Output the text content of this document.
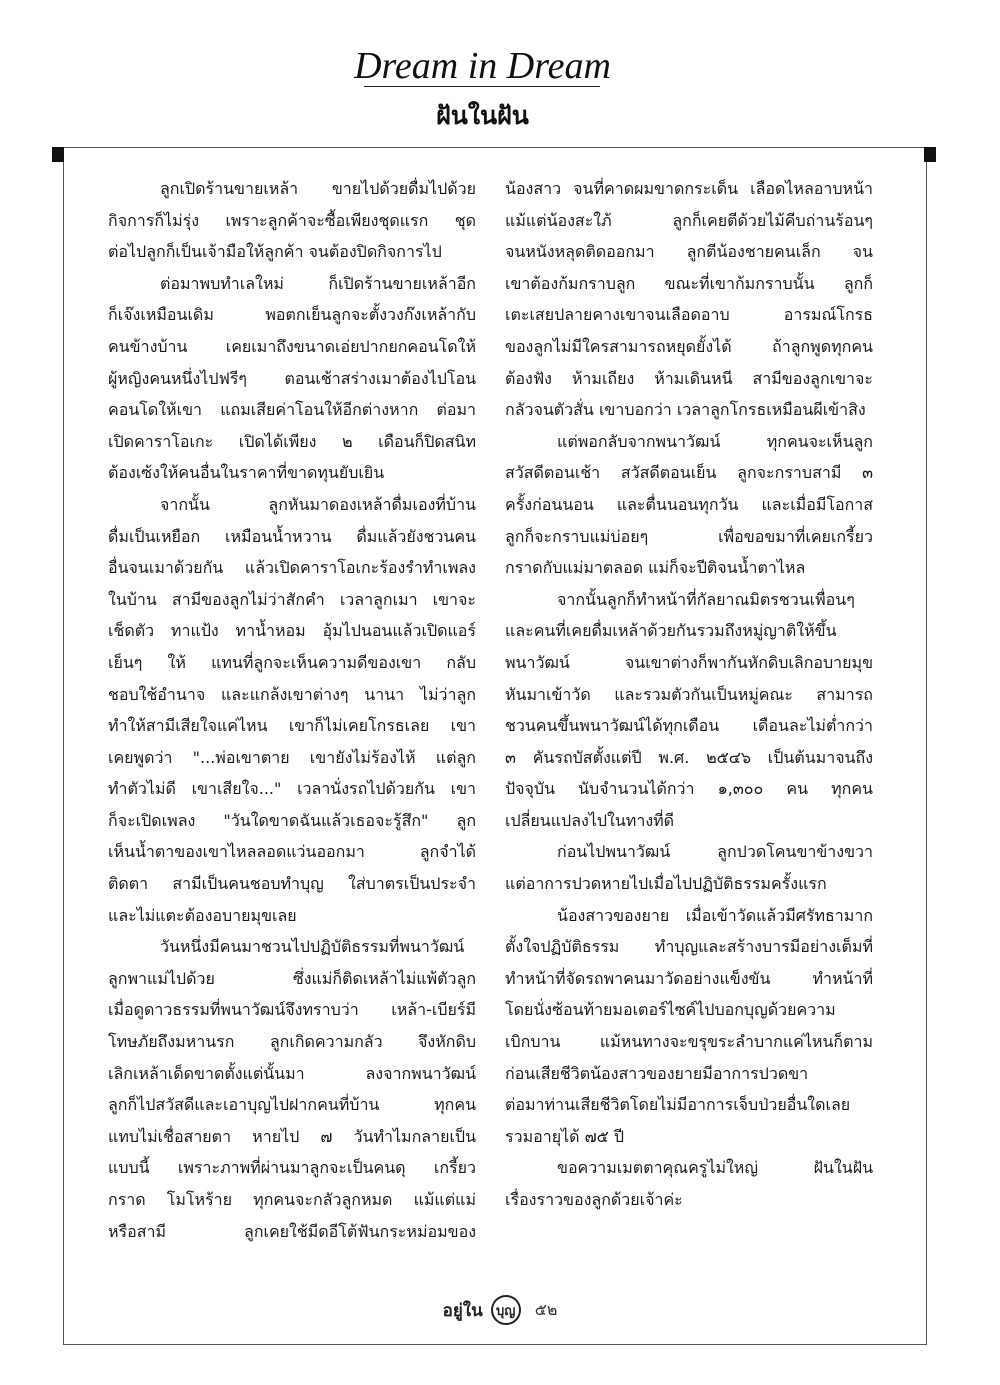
Dream in Dream
ฝันในฝัน
ลูกเปิดร้านขายเหล้า ขายไปด้วยดื่มไปด้วย
กิจการก็ไม่รุ่ง เพราะลูกค้าจะซื้อเพียงชุดแรก ชุด
ต่อไปลูกก็เป็นเจ้ามือให้ลูกค้า จนต้องปิดกิจการไป
ต่อมาพบทำเลใหม่ ก็เปิดร้านขายเหล้าอีก
ก็เจ๊งเหมือนเดิม พอตกเย็นลูกจะตั้งวงก๊งเหล้ากับ
คนข้างบ้าน เคยเมาถึงขนาดเอ่ยปากยกคอนโดให้
ผู้หญิงคนหนึ่งไปฟรีๆ ตอนเช้าสร่างเมาต้องไปโอน
คอนโดให้เขา แถมเสียค่าโอนให้อีกต่างหาก ต่อมา
เปิดคาราโอเกะ เปิดได้เพียง ๒ เดือนก็ปิดสนิท
ต้องเซ้งให้คนอื่นในราคาที่ขาดทุนยับเยิน
จากนั้น ลูกหันมาดองเหล้าดื่มเองที่บ้าน
ดื่มเป็นเหยือก เหมือนน้ำหวาน ดื่มแล้วยังชวนคน
อื่นจนเมาด้วยกัน แล้วเปิดคาราโอเกะร้องรำทำเพลง
ในบ้าน สามีของลูกไม่ว่าสักคำ เวลาลูกเมา เขาจะ
เช็ดตัว ทาแป้ง ทาน้ำหอม อุ้มไปนอนแล้วเปิดแอร์
เย็นๆ ให้ แทนที่ลูกจะเห็นความดีของเขา กลับ
ชอบใช้อำนาจ และแกล้งเขาต่างๆ นานา ไม่ว่าลูก
ทำให้สามีเสียใจแค่ไหน เขาก็ไม่เคยโกรธเลย เขา
เคยพูดว่า "...พ่อเขาตาย เขายังไม่ร้องไห้ แต่ลูก
ทำตัวไม่ดี เขาเสียใจ..." เวลานั่งรถไปด้วยกัน เขา
ก็จะเปิดเพลง "วันใดขาดฉันแล้วเธอจะรู้สึก" ลูก
เห็นน้ำตาของเขาไหลลอดแว่นออกมา ลูกจำได้
ติดตา สามีเป็นคนชอบทำบุญ ใส่บาตรเป็นประจำ
และไม่แตะต้องอบายมุขเลย
วันหนึ่งมีคนมาชวนไปปฏิบัติธรรมที่พนาวัฒน์
ลูกพาแม่ไปด้วย ซึ่งแม่ก็ติดเหล้าไม่แพ้ตัวลูก
เมื่อดูดาวธรรมที่พนาวัฒน์จึงทราบว่า เหล้า-เบียร์มี
โทษภัยถึงมหานรก ลูกเกิดความกลัว จึงหักดิบ
เลิกเหล้าเด็ดขาดตั้งแต่นั้นมา ลงจากพนาวัฒน์
ลูกก็ไปสวัสดีและเอาบุญไปฝากคนที่บ้าน ทุกคน
แทบไม่เชื่อสายตา หายไป ๗ วันทำไมกลายเป็น
แบบนี้ เพราะภาพที่ผ่านมาลูกจะเป็นคนดุ เกรี้ยว
กราด โมโหร้าย ทุกคนจะกลัวลูกหมด แม้แต่แม่
หรือสามี ลูกเคยใช้มีดอีโต้ฟันกระหม่อมของ
น้องสาว จนที่คาดผมขาดกระเด็น เลือดไหลอาบหน้า
แม้แต่น้องสะใภ้ ลูกก็เคยตีด้วยไม้คีบถ่านร้อนๆ
จนหนังหลุดติดออกมา ลูกตีน้องชายคนเล็ก จน
เขาต้องก้มกราบลูก ขณะที่เขาก้มกราบนั้น ลูกก็
เตะเสยปลายคางเขาจนเลือดอาบ อารมณ์โกรธ
ของลูกไม่มีใครสามารถหยุดยั้งได้ ถ้าลูกพูดทุกคน
ต้องฟัง ห้ามเถียง ห้ามเดินหนี สามีของลูกเขาจะ
กลัวจนตัวสั่น เขาบอกว่า เวลาลูกโกรธเหมือนผีเข้าสิง
แต่พอกลับจากพนาวัฒน์ ทุกคนจะเห็นลูก
สวัสดีตอนเช้า สวัสดีตอนเย็น ลูกจะกราบสามี ๓
ครั้งก่อนนอน และตื่นนอนทุกวัน และเมื่อมีโอกาส
ลูกก็จะกราบแม่บ่อยๆ เพื่อขอขมาที่เคยเกรี้ยว
กราดกับแม่มาตลอด แม่ก็จะปีติจนน้ำตาไหล
จากนั้นลูกก็ทำหน้าที่กัลยาณมิตรชวนเพื่อนๆ
และคนที่เคยดื่มเหล้าด้วยกันรวมถึงหมู่ญาติให้ขึ้น
พนาวัฒน์ จนเขาต่างก็พากันหักดิบเลิกอบายมุข
หันมาเข้าวัด และรวมตัวกันเป็นหมู่คณะ สามารถ
ชวนคนขึ้นพนาวัฒน์ได้ทุกเดือน เดือนละไม่ต่ำกว่า
๓ คันรถบัสตั้งแต่ปี พ.ศ. ๒๕๔๖ เป็นต้นมาจนถึง
ปัจจุบัน นับจำนวนได้กว่า ๑,๓๐๐ คน ทุกคน
เปลี่ยนแปลงไปในทางที่ดี
ก่อนไปพนาวัฒน์ ลูกปวดโคนขาข้างขวา
แต่อาการปวดหายไปเมื่อไปปฏิบัติธรรมครั้งแรก
น้องสาวของยาย เมื่อเข้าวัดแล้วมีศรัทธามาก
ตั้งใจปฏิบัติธรรม ทำบุญและสร้างบารมีอย่างเต็มที่
ทำหน้าที่จัดรถพาคนมาวัดอย่างแข็งขัน ทำหน้าที่
โดยนั่งซ้อนท้ายมอเตอร์ไซค์ไปบอกบุญด้วยความ
เบิกบาน แม้หนทางจะขรุขระลำบากแค่ไหนก็ตาม
ก่อนเสียชีวิตน้องสาวของยายมีอาการปวดขา
ต่อมาท่านเสียชีวิตโดยไม่มีอาการเจ็บป่วยอื่นใดเลย
รวมอายุได้ ๗๕ ปี
ขอความเมตตาคุณครูไม่ใหญ่ ฝันในฝัน
เรื่องราวของลูกด้วยเจ้าค่ะ
อยู่ใน	บุญ	๕๒
